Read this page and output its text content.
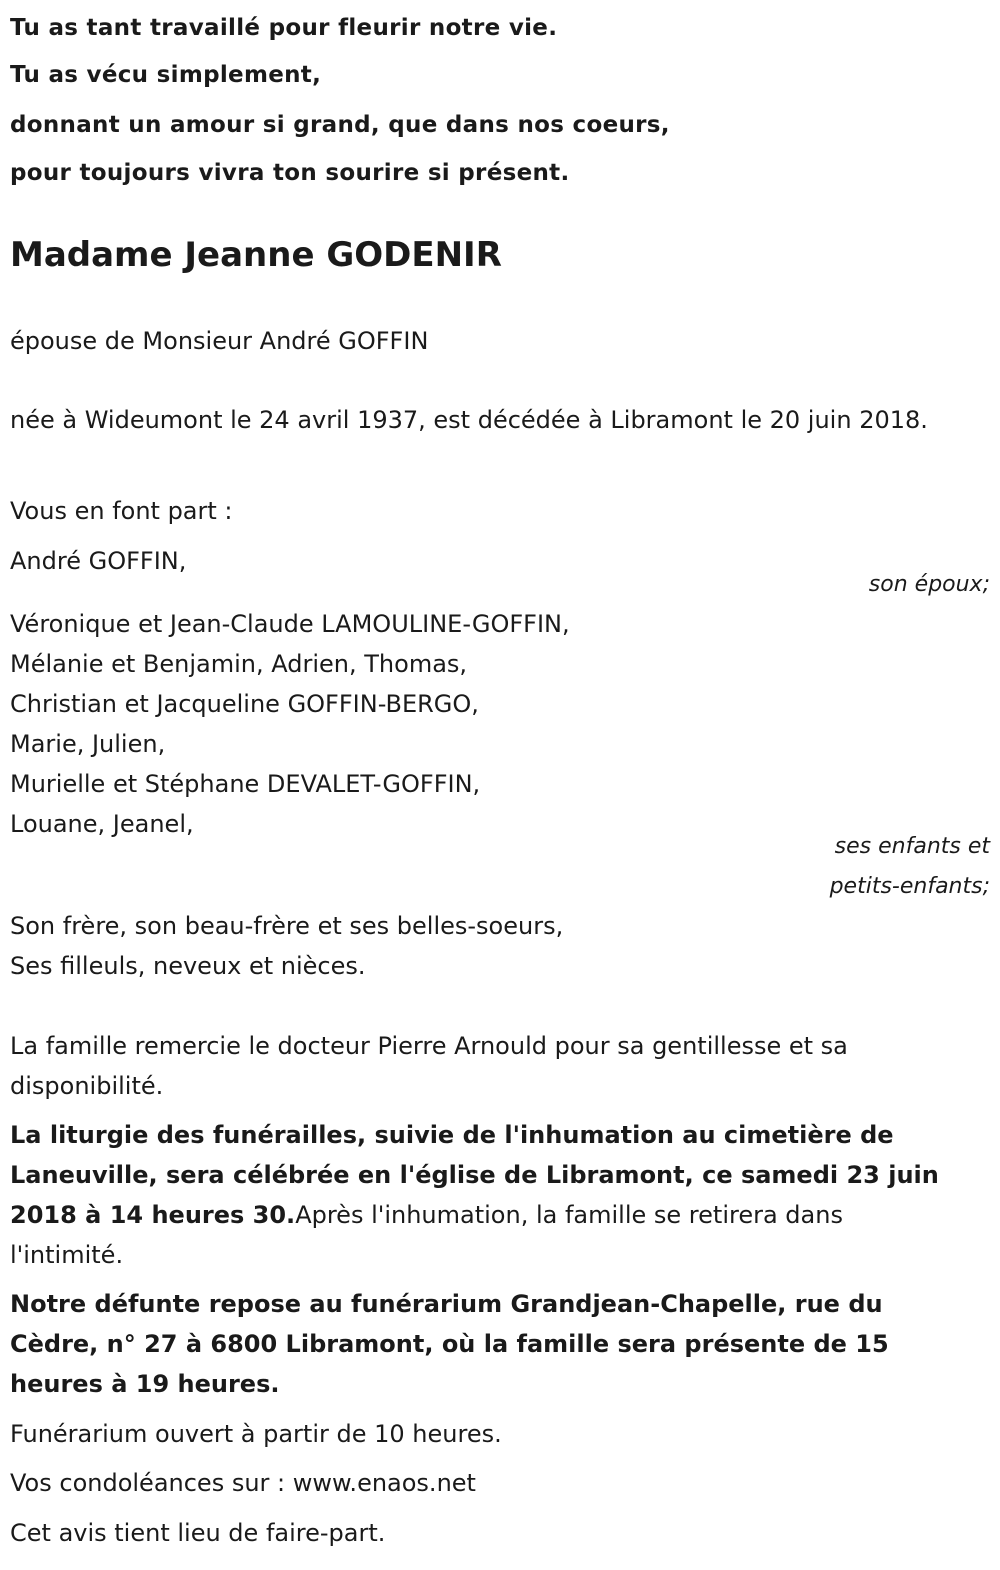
Tu as tant travaillé pour fleurir notre vie.
Tu as vécu simplement,
donnant un amour si grand, que dans nos coeurs,
pour toujours vivra ton sourire si présent.
Madame Jeanne GODENIR
épouse de Monsieur André GOFFIN
née à Wideumont le 24 avril 1937, est décédée à Libramont le 20 juin 2018.
Vous en font part :
André GOFFIN,
son époux;

Véronique et Jean-Claude LAMOULINE-GOFFIN,

Mélanie et Benjamin, Adrien, Thomas,

Christian et Jacqueline GOFFIN-BERGO,

Marie, Julien,

Murielle et Stéphane DEVALET-GOFFIN,

Louane, Jeanel,

ses enfants et

petits-enfants;

Son frère, son beau-frère et ses belles-soeurs,

Ses filleuls, neveux et nièces.

La famille remercie le docteur Pierre Arnould pour sa gentillesse et sa disponibilité.
La liturgie des funérailles, suivie de l'inhumation au cimetière de Laneuville, sera célébrée en l'église de Libramont, ce samedi 23 juin 2018 à 14 heures 30.Après l'inhumation, la famille se retirera dans l'intimité.
Notre défunte repose au funérarium Grandjean-Chapelle, rue du Cèdre, n° 27 à 6800 Libramont, où la famille sera présente de 15 heures à 19 heures.
Funérarium ouvert à partir de 10 heures.
Vos condoléances sur : www.enaos.net
Cet avis tient lieu de faire-part.
